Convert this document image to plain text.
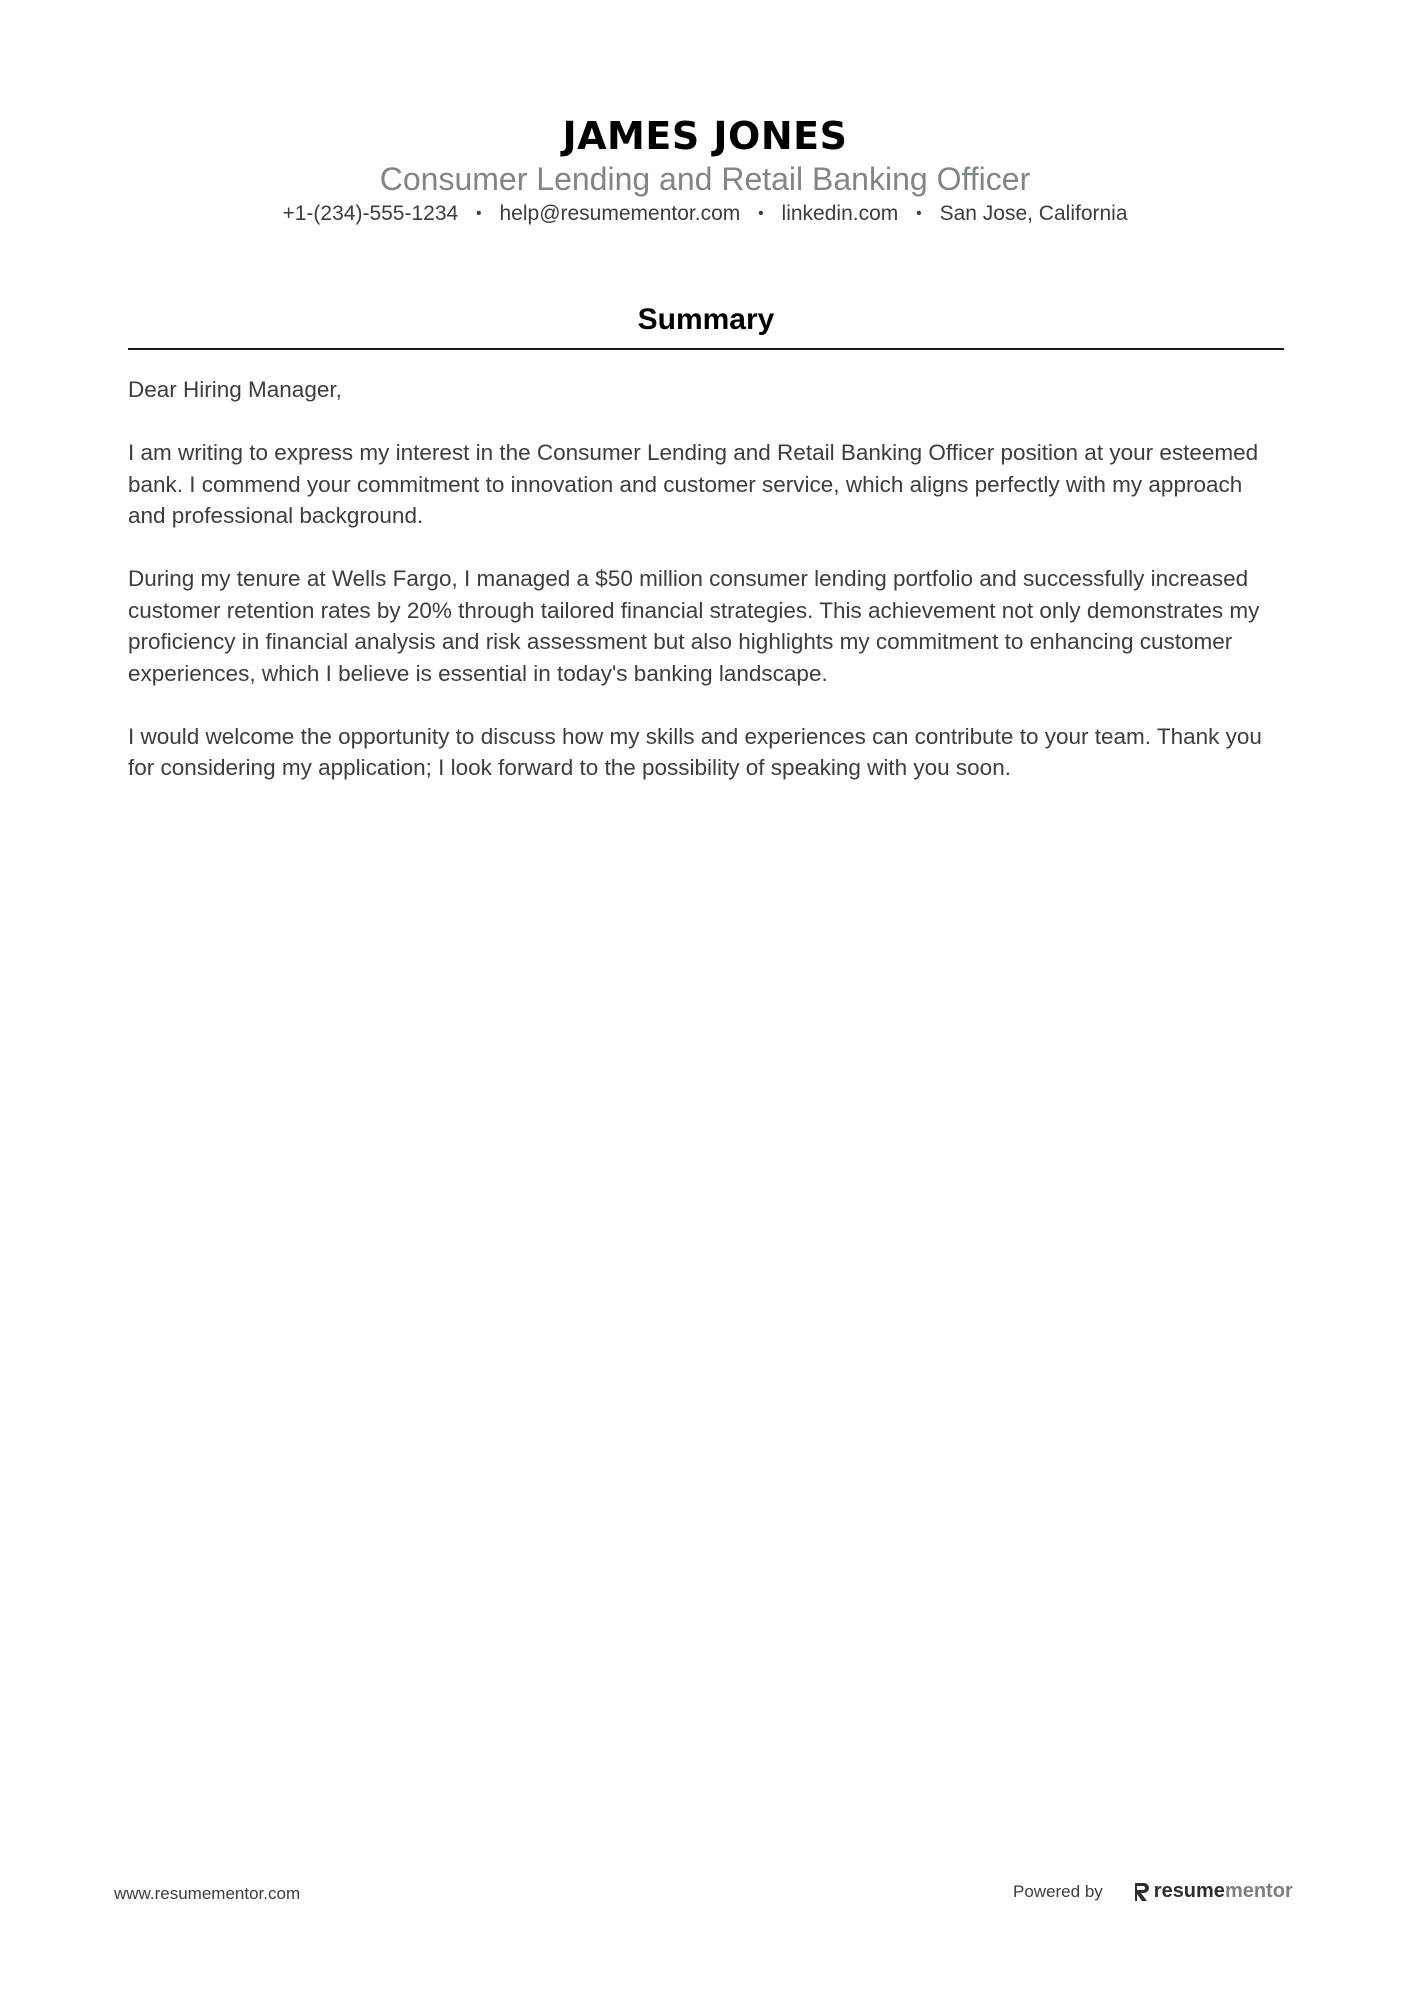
JAMES JONES
Consumer Lending and Retail Banking Officer
+1-(234)-555-1234 • help@resumementor.com • linkedin.com • San Jose, California
Summary

Dear Hiring Manager,

I am writing to express my interest in the Consumer Lending and Retail Banking Officer position at your esteemed bank. I commend your commitment to innovation and customer service, which aligns perfectly with my approach and professional background.

During my tenure at Wells Fargo, I managed a $50 million consumer lending portfolio and successfully increased customer retention rates by 20% through tailored financial strategies. This achievement not only demonstrates my proficiency in financial analysis and risk assessment but also highlights my commitment to enhancing customer experiences, which I believe is essential in today's banking landscape.

I would welcome the opportunity to discuss how my skills and experiences can contribute to your team. Thank you for considering my application; I look forward to the possibility of speaking with you soon.

www.resumementor.com	Powered by	resume mentor
